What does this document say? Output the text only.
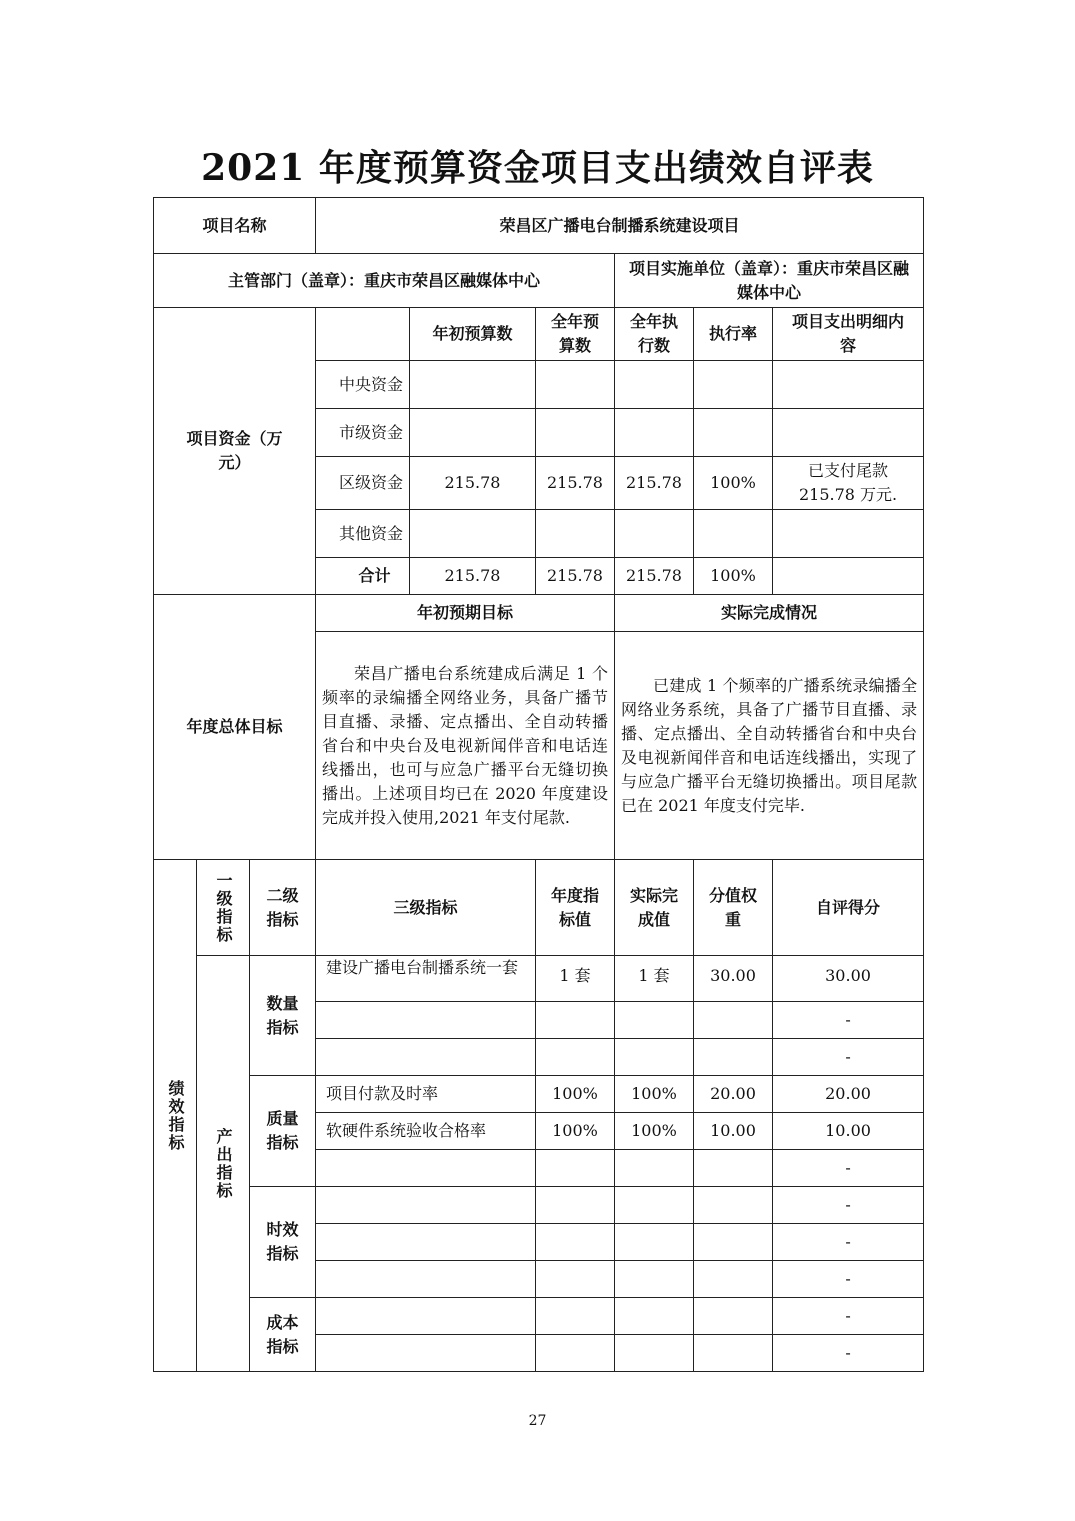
2021 年度预算资金项目支出绩效自评表
项目名称			荣昌区广播电台制播系统建设项目					
主管部门（盖章）：重庆市荣昌区融媒体中心						项目实施单位（盖章）：重庆市荣昌区融媒体中心		
项目资金（万元）				年初预算数	全年预算数	全年执行数	执行率	项目支出明细内容
			中央资金					
			市级资金					
			区级资金	215.78	215.78	215.78	100%	已支付尾款 215.78 万元.
			其他资金					
			合计	215.78	215.78	215.78	100%	
年度总体目标			年初预期目标			实际完成情况		
			荣昌广播电台系统建成后满足 1 个频率的录编播全网络业务，具备广播节目直播、录播、定点播出、全自动转播省台和中央台及电视新闻伴音和电话连线播出，也可与应急广播平台无缝切换播出。上述项目均已在 2020 年度建设完成并投入使用,2021 年支付尾款.			已建成 1 个频率的广播系统录编播全网络业务系统，具备了广播节目直播、录播、定点播出、全自动转播省台和中央台及电视新闻伴音和电话连线播出，实现了与应急广播平台无缝切换播出。项目尾款已在 2021 年度支付完毕.		

绩效指标	一级指标	二级指标	三级指标		年度指标值	实际完成值	分值权重	自评得分

	产出指标	数量指标	建设广播电台制播系统一套		1 套	1 套	30.00	30.00
								-
								-
		质量指标	项目付款及时率		100%	100%	20.00	20.00
			软硬件系统验收合格率		100%	100%	10.00	10.00
								-
		时效指标						-
								-
								-
		成本指标						-
								-
27
